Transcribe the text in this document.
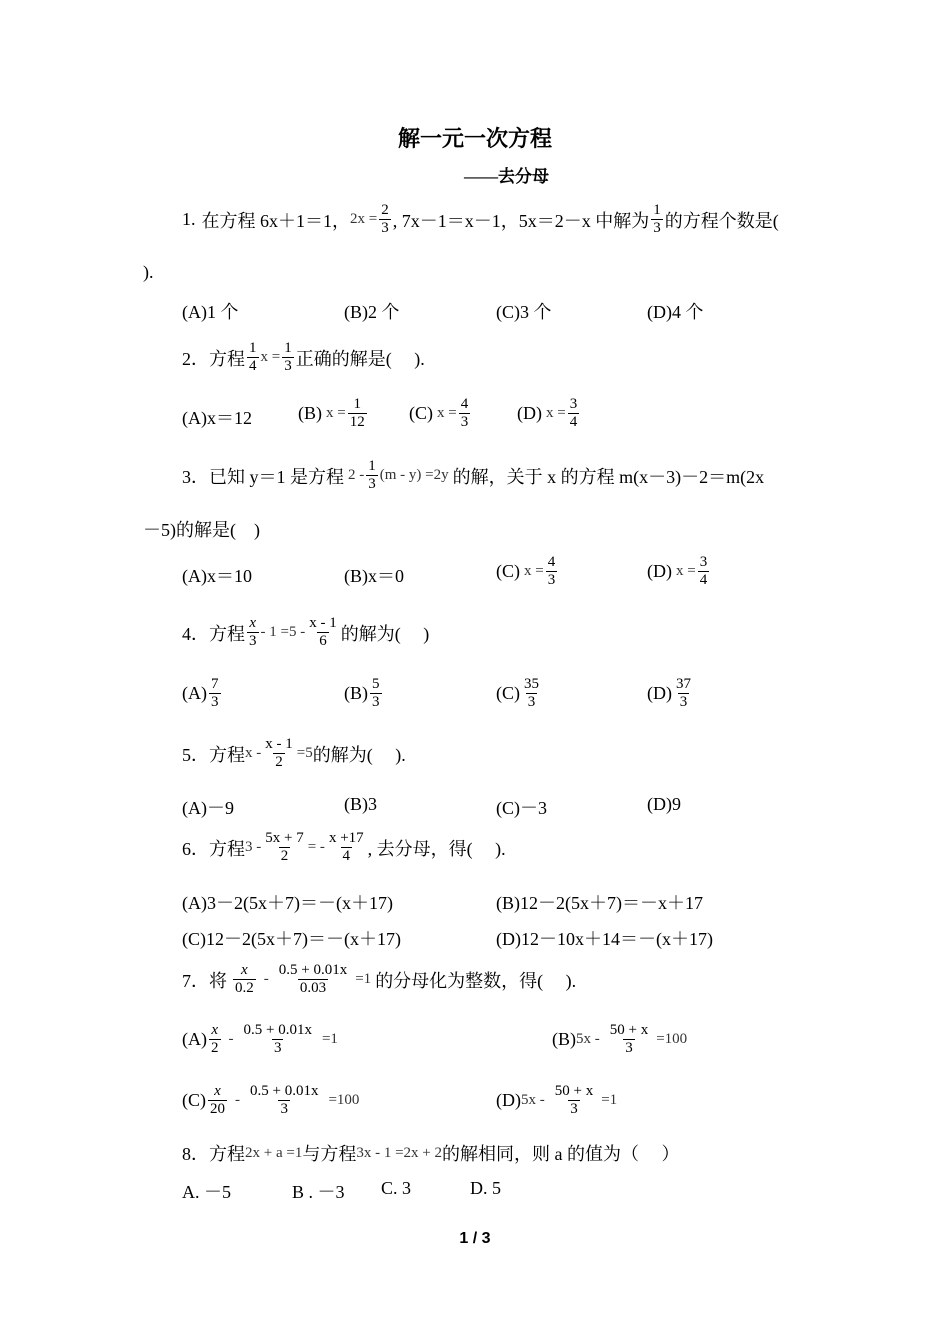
解一元一次方程
——去分母
1. 在方程 6x＋1＝1， $2x = \frac{2}{3}$ , 7x－1＝x－1，5x＝2－x 中解为 $\frac{1}{3}$ 的方程个数是(
).
(A)1 个	(B)2 个	(C)3 个	(D)4 个
2． 方程 $\frac{1}{4}$ $x = \frac{1}{3}$ 正确的解是(　 ).
(A)x＝12	(B) $x = \frac{1}{12} (C) x = \frac{4}{3}$	(D) $x = \frac{3}{4}$
3． 已知 y＝1 是方程 $2 - \frac{1}{3} (m - y) =2y$ 的解，关于 x 的方程 m(x－3)－2＝m(2x
－5)的解是(　)
(A)x＝10	(B)x＝0	(C) $x = \frac{4}{3}$	(D) $x = \frac{3}{4}$
4． 方程 $\frac{x}{3} - 1 =5 - \frac{x - 1}{6}$ 的解为(　 )
$(A) \frac{7}{3}$	$(B) \frac{5}{3}$	$(C) \frac{35}{3}$	$(D) \frac{37}{3}$
5． 方程 $x - \frac{x - 1}{2} =5$ 的解为(　 ).
(A)－9	(B)3	(C)－3	(D)9
6． 方程 $3 - \frac{5x + 7}{2}$ = - $\frac{x +17}{4}$ , 去分母，得(　 ).
(A)3－2(5x＋7)＝－(x＋17)	(B)12－2(5x＋7)＝－x＋17
(C)12－2(5x＋7)＝－(x＋17)	(D)12－10x＋14＝－(x＋17)
7． 将 $\frac{x}{0.2} - \frac{0.5 + 0.01x}{0.03} =1$ 的分母化为整数，得(　 ).
$(A) \frac{x}{2} - \frac{0.5 + 0.01x}{3} =1$	(B) $5x - \frac{50 + x}{3} =100$
$(C) \frac{x}{20} - \frac{0.5 + 0.01x}{3} =100$	(D) $5x - \frac{50 + x}{3} =1$
8． 方程 2x + a =1 与方程 3x - 1 =2x + 2 的解相同，则 a 的值为（　 ）
A. －5	B . －3 C. 3	D. 5
1 / 3
